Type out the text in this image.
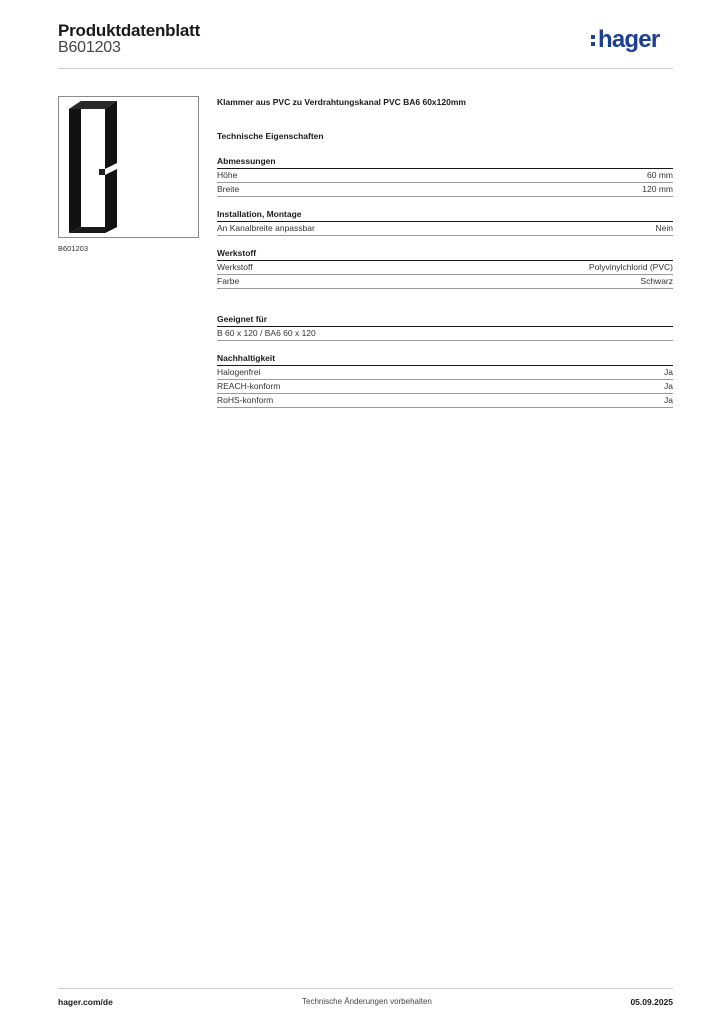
Produktdatenblatt
B601203	hager
B601203
Klammer aus PVC zu Verdrahtungskanal PVC BA6 60x120mm
Technische Eigenschaften
Abmessungen
Höhe	60 mm
Breite	120 mm
Installation, Montage
An Kanalbreite anpassbar	Nein
Werkstoff
Werkstoff	Polyvinylchlorid (PVC)
Farbe	Schwarz
Geeignet für
B 60 x 120 / BA6 60 x 120
Nachhaltigkeit
Halogenfrei	Ja
REACH-konform	Ja
RoHS-konform	Ja
hager.com/de	Technische Änderungen vorbehalten	05.09.2025
